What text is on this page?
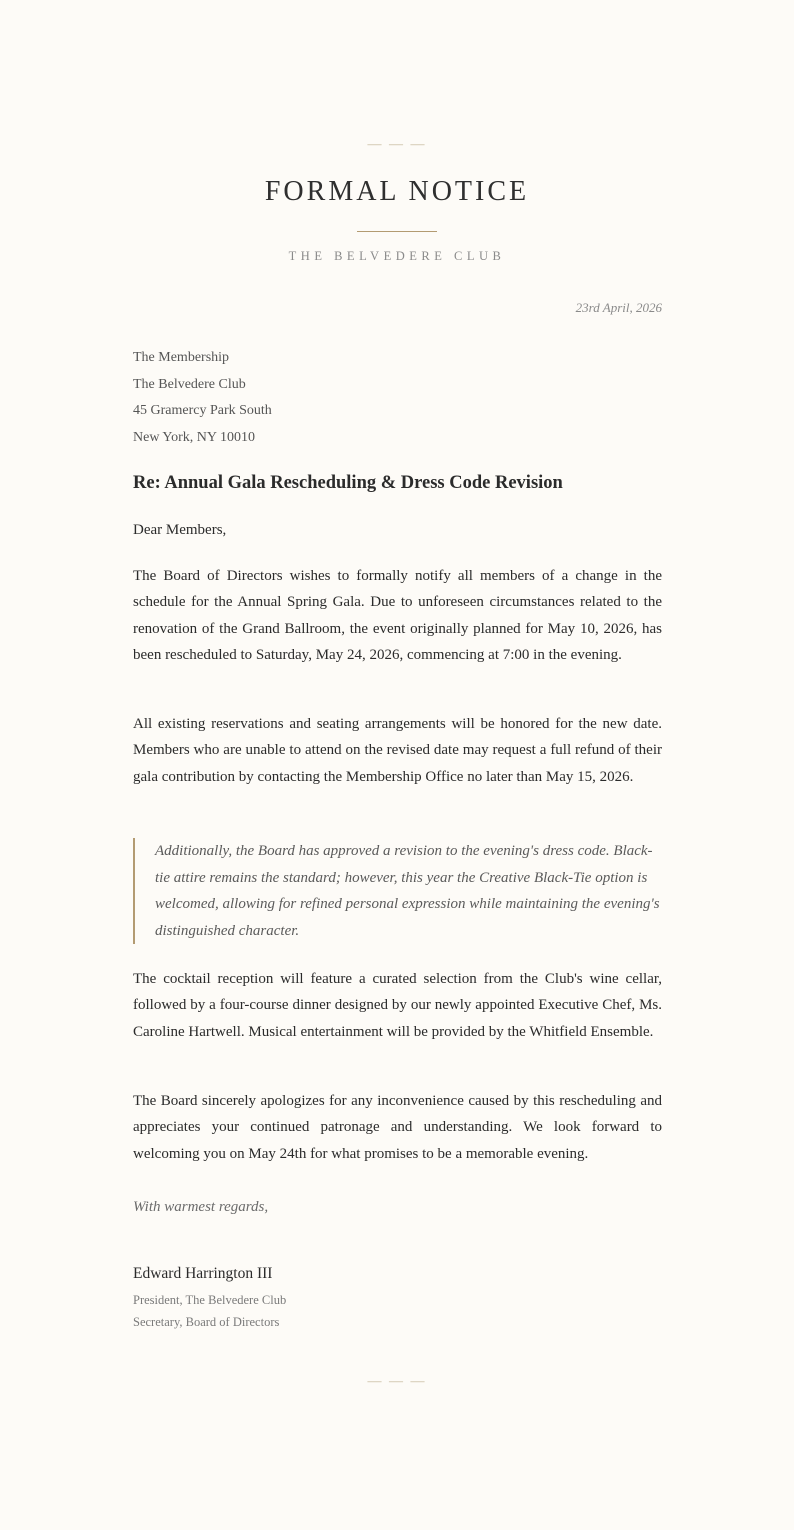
— — —
FORMAL NOTICE
THE BELVEDERE CLUB
23rd April, 2026
The Membership
The Belvedere Club
45 Gramercy Park South
New York, NY 10010
Re: Annual Gala Rescheduling & Dress Code Revision
Dear Members,

The Board of Directors wishes to formally notify all members of a change in the schedule for the Annual Spring Gala. Due to unforeseen circumstances related to the renovation of the Grand Ballroom, the event originally planned for May 10, 2026, has been rescheduled to Saturday, May 24, 2026, commencing at 7:00 in the evening.

All existing reservations and seating arrangements will be honored for the new date. Members who are unable to attend on the revised date may request a full refund of their gala contribution by contacting the Membership Office no later than May 15, 2026.

Additionally, the Board has approved a revision to the evening's dress code. Black-tie attire remains the standard; however, this year the Creative Black-Tie option is welcomed, allowing for refined personal expression while maintaining the evening's distinguished character.

The cocktail reception will feature a curated selection from the Club's wine cellar, followed by a four-course dinner designed by our newly appointed Executive Chef, Ms. Caroline Hartwell. Musical entertainment will be provided by the Whitfield Ensemble.

The Board sincerely apologizes for any inconvenience caused by this rescheduling and appreciates your continued patronage and understanding. We look forward to welcoming you on May 24th for what promises to be a memorable evening.

With warmest regards,
Edward Harrington III
President, The Belvedere Club
Secretary, Board of Directors
— — —
